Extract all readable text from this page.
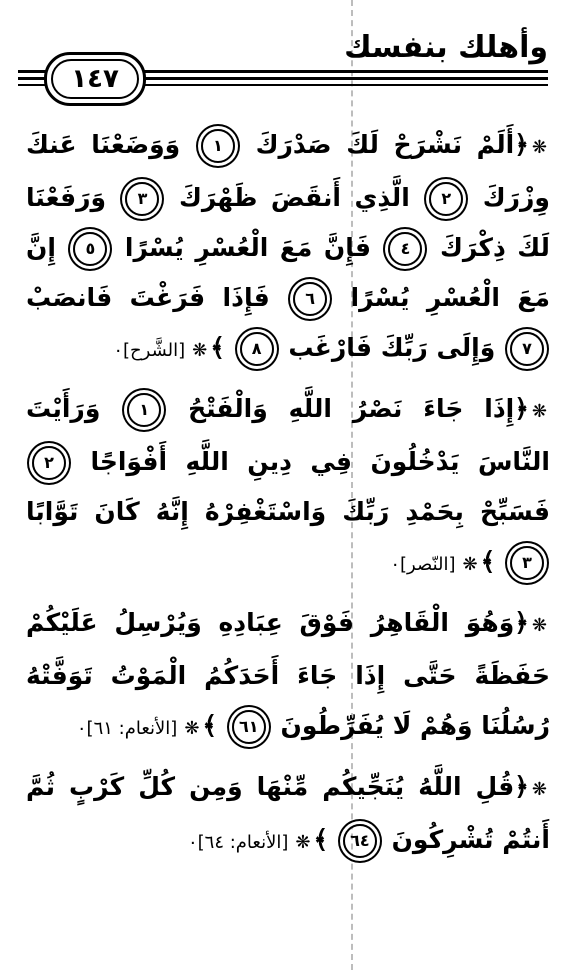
وأهلك بنفسك
١٤٧

❋﴿أَلَمْ نَشْرَحْ لَكَ صَدْرَكَ ١ وَوَضَعْنَا عَنكَ وِزْرَكَ ٢ الَّذِي أَنقَضَ ظَهْرَكَ ٣ وَرَفَعْنَا لَكَ ذِكْرَكَ ٤ فَإِنَّ مَعَ الْعُسْرِ يُسْرًا ٥ إِنَّ مَعَ الْعُسْرِ يُسْرًا ٦ فَإِذَا فَرَغْتَ فَانصَبْ ٧ وَإِلَى رَبِّكَ فَارْغَب ٨ ﴾❋[الشَّرح]٠

❋﴿إِذَا جَاءَ نَصْرُ اللَّهِ وَالْفَتْحُ ١ وَرَأَيْتَ النَّاسَ يَدْخُلُونَ فِي دِينِ اللَّهِ أَفْوَاجًا ٢ فَسَبِّحْ بِحَمْدِ رَبِّكَ وَاسْتَغْفِرْهُ إِنَّهُ كَانَ تَوَّابًا ٣ ﴾❋[النّصر]٠

❋﴿وَهُوَ الْقَاهِرُ فَوْقَ عِبَادِهِ وَيُرْسِلُ عَلَيْكُمْ حَفَظَةً حَتَّى إِذَا جَاءَ أَحَدَكُمُ الْمَوْتُ تَوَفَّتْهُ رُسُلُنَا وَهُمْ لَا يُفَرِّطُونَ ٦١ ﴾❋[الأنعام: ٦١]٠

❋﴿قُلِ اللَّهُ يُنَجِّيكُم مِّنْهَا وَمِن كُلِّ كَرْبٍ ثُمَّ أَنتُمْ تُشْرِكُونَ ٦٤ ﴾❋[الأنعام: ٦٤]٠
